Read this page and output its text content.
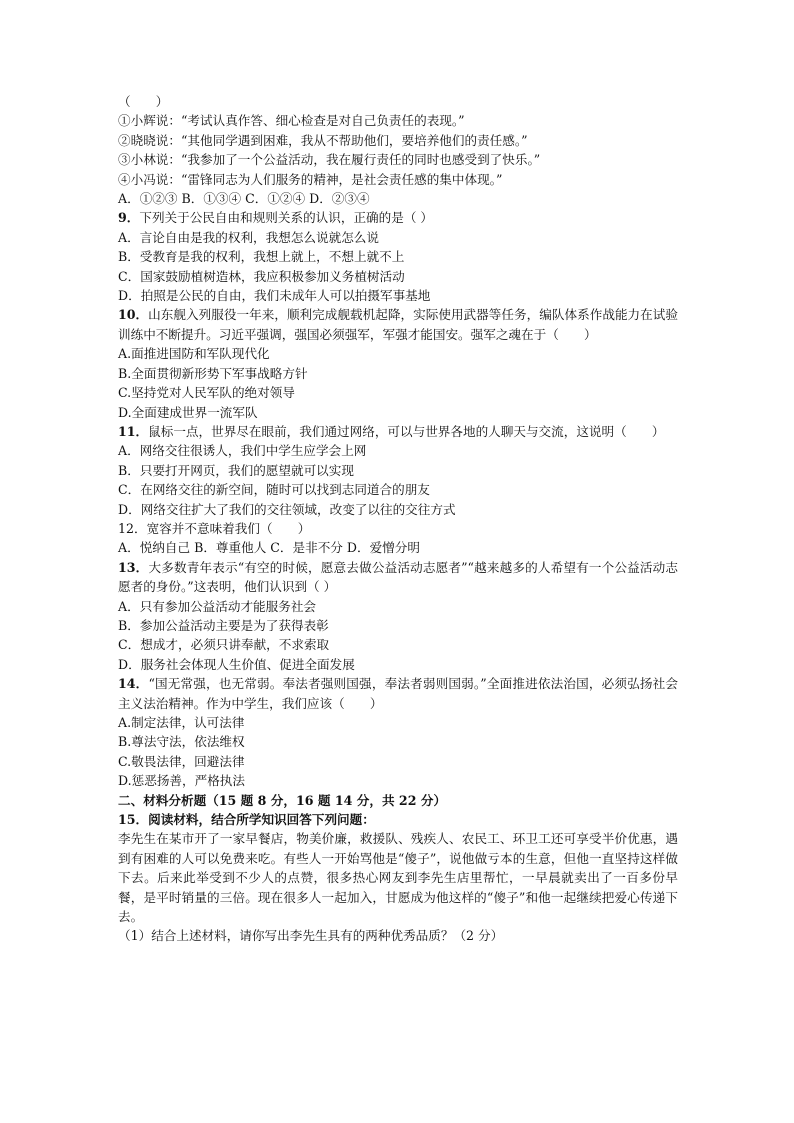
（　　）

①小辉说：“考试认真作答、细心检查是对自己负责任的表现。”

②晓晓说：“其他同学遇到困难，我从不帮助他们，要培养他们的责任感。”

③小林说：“我参加了一个公益活动，我在履行责任的同时也感受到了快乐。”

④小冯说：“雷锋同志为人们服务的精神，是社会责任感的集中体现。”

A．①②③ B．①③④ C．①②④ D．②③④

9．下列关于公民自由和规则关系的认识，正确的是（ ）

A．言论自由是我的权利，我想怎么说就怎么说

B．受教育是我的权利，我想上就上，不想上就不上

C．国家鼓励植树造林，我应积极参加义务植树活动

D．拍照是公民的自由，我们未成年人可以拍摄军事基地

10．山东舰入列服役一年来，顺利完成舰载机起降，实际使用武器等任务，编队体系作战能力在试验训练中不断提升。习近平强调，强国必须强军，军强才能国安。强军之魂在于（　　）

A.面推进国防和军队现代化

B.全面贯彻新形势下军事战略方针

C.坚持党对人民军队的绝对领导

D.全面建成世界一流军队

11．鼠标一点，世界尽在眼前，我们通过网络，可以与世界各地的人聊天与交流，这说明（　　）

A．网络交往很诱人，我们中学生应学会上网

B．只要打开网页，我们的愿望就可以实现

C．在网络交往的新空间，随时可以找到志同道合的朋友

D．网络交往扩大了我们的交往领域，改变了以往的交往方式

12．宽容并不意味着我们（　　）

A．悦纳自己 B．尊重他人 C．是非不分 D．爱憎分明

13．大多数青年表示“有空的时候，愿意去做公益活动志愿者”“越来越多的人希望有一个公益活动志愿者的身份。”这表明，他们认识到（ ）

A．只有参加公益活动才能服务社会

B．参加公益活动主要是为了获得表彰

C．想成才，必须只讲奉献，不求索取

D．服务社会体现人生价值、促进全面发展

14．“国无常强，也无常弱。奉法者强则国强，奉法者弱则国弱。”全面推进依法治国，必须弘扬社会主义法治精神。作为中学生，我们应该（　　）

A.制定法律，认可法律

B.尊法守法，依法维权

C.敬畏法律，回避法律

D.惩恶扬善，严格执法

二、材料分析题（15 题 8 分，16 题 14 分，共 22 分）

15．阅读材料，结合所学知识回答下列问题：

李先生在某市开了一家早餐店，物美价廉，救援队、残疾人、农民工、环卫工还可享受半价优惠，遇到有困难的人可以免费来吃。有些人一开始骂他是“傻子”，说他做亏本的生意，但他一直坚持这样做下去。后来此举受到不少人的点赞，很多热心网友到李先生店里帮忙，一早晨就卖出了一百多份早餐，是平时销量的三倍。现在很多人一起加入，甘愿成为他这样的“傻子”和他一起继续把爱心传递下去。

（1）结合上述材料，请你写出李先生具有的两种优秀品质？（2 分）
